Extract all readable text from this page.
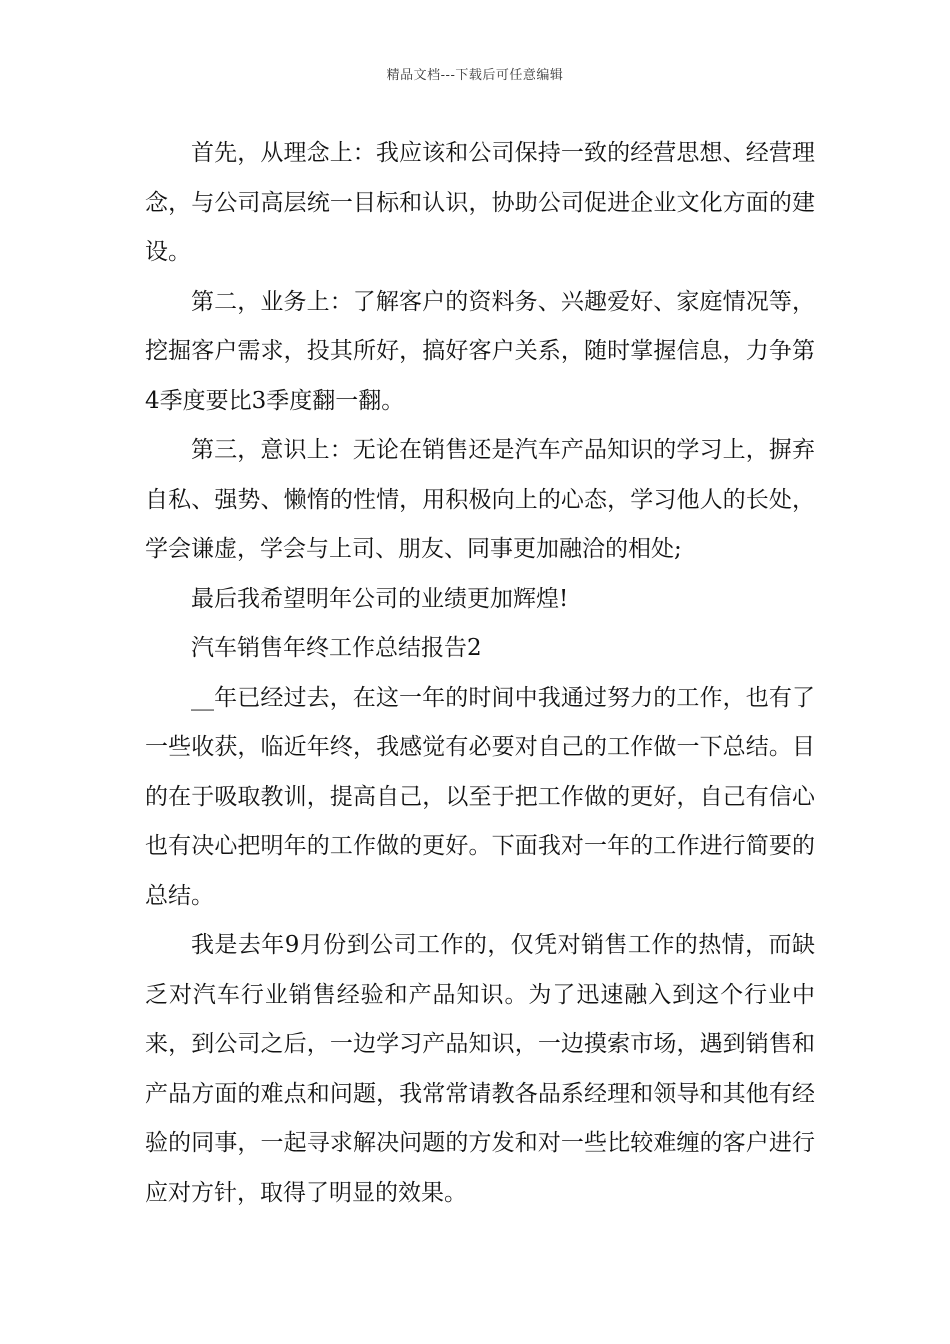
精品文档---下载后可任意编辑

首先，从理念上：我应该和公司保持一致的经营思想、经营理念，与公司高层统一目标和认识，协助公司促进企业文化方面的建设。

第二，业务上：了解客户的资料务、兴趣爱好、家庭情况等，挖掘客户需求，投其所好，搞好客户关系，随时掌握信息，力争第4季度要比3季度翻一翻。

第三，意识上：无论在销售还是汽车产品知识的学习上，摒弃自私、强势、懒惰的性情，用积极向上的心态，学习他人的长处，学会谦虚，学会与上司、朋友、同事更加融洽的相处;

最后我希望明年公司的业绩更加辉煌!

汽车销售年终工作总结报告2

__年已经过去，在这一年的时间中我通过努力的工作，也有了一些收获，临近年终，我感觉有必要对自己的工作做一下总结。目的在于吸取教训，提高自己，以至于把工作做的更好，自己有信心也有决心把明年的工作做的更好。下面我对一年的工作进行简要的总结。

我是去年9月份到公司工作的，仅凭对销售工作的热情，而缺乏对汽车行业销售经验和产品知识。为了迅速融入到这个行业中来，到公司之后，一边学习产品知识，一边摸索市场，遇到销售和产品方面的难点和问题，我常常请教各品系经理和领导和其他有经验的同事，一起寻求解决问题的方发和对一些比较难缠的客户进行应对方针，取得了明显的效果。
